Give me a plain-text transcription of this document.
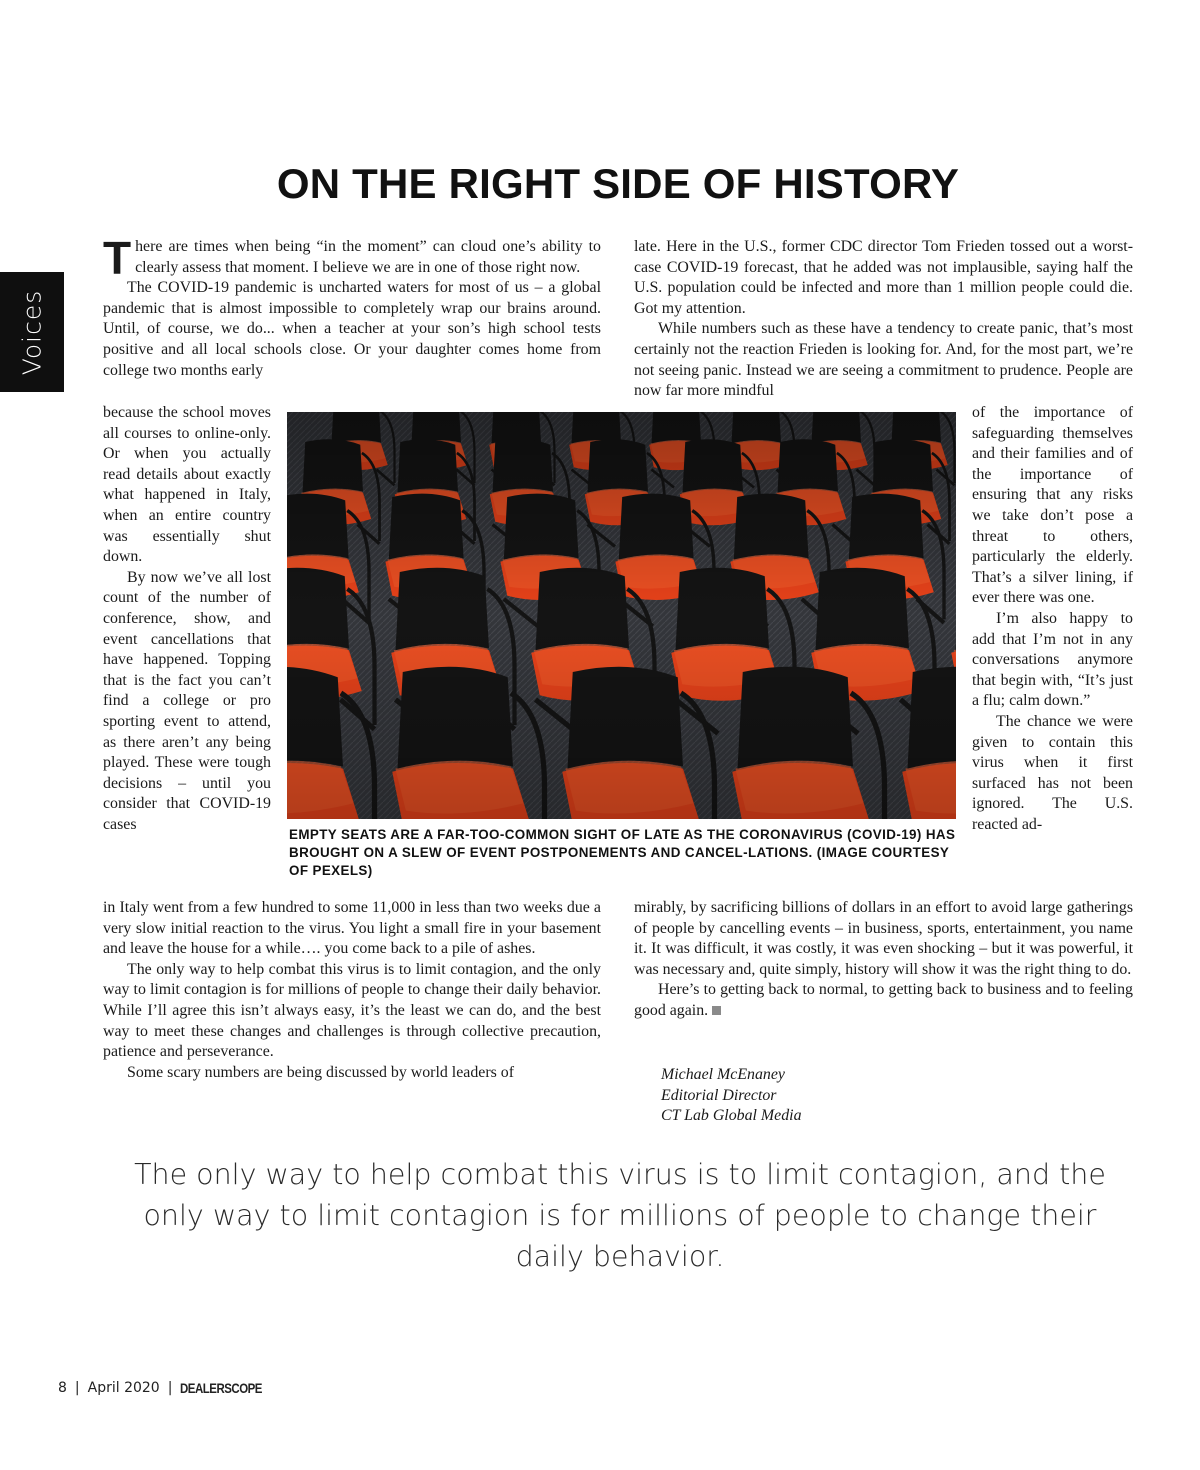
Voices
ON THE RIGHT SIDE OF HISTORY

There are times when being “in the moment” can cloud one’s ability to clearly assess that moment. I believe we are in one of those right now.

The COVID-19 pandemic is uncharted waters for most of us – a global pandemic that is almost impossible to completely wrap our brains around. Until, of course, we do... when a teacher at your son’s high school tests positive and all local schools close. Or your daughter comes home from college two months early

because the school moves all courses to online-only. Or when you actually read details about exactly what happened in Italy, when an entire country was essentially shut down.

By now we’ve all lost count of the number of conference, show, and event cancellations that have happened. Topping that is the fact you can’t find a college or pro sporting event to attend, as there aren’t any being played. These were tough decisions – until you consider that COVID-19 cases

in Italy went from a few hundred to some 11,000 in less than two weeks due a very slow initial reaction to the virus. You light a small fire in your basement and leave the house for a while…. you come back to a pile of ashes.

The only way to help combat this virus is to limit contagion, and the only way to limit contagion is for millions of people to change their daily behavior. While I’ll agree this isn’t always easy, it’s the least we can do, and the best way to meet these changes and challenges is through collective precaution, patience and perseverance.

Some scary numbers are being discussed by world leaders of

late. Here in the U.S., former CDC director Tom Frieden tossed out a worst-case COVID-19 forecast, that he added was not implausible, saying half the U.S. population could be infected and more than 1 million people could die. Got my attention.

While numbers such as these have a tendency to create panic, that’s most certainly not the reaction Frieden is looking for. And, for the most part, we’re not seeing panic. Instead we are seeing a commitment to prudence. People are now far more mindful

of the importance of safeguarding themselves and their families and of the importance of ensuring that any risks we take don’t pose a threat to others, particularly the elderly. That’s a silver lining, if ever there was one.

I’m also happy to add that I’m not in any conversations anymore that begin with, “It’s just a flu; calm down.”

The chance we were given to contain this virus when it first surfaced has not been ignored. The U.S. reacted ad-

mirably, by sacrificing billions of dollars in an effort to avoid large gatherings of people by cancelling events – in business, sports, entertainment, you name it. It was difficult, it was costly, it was even shocking – but it was powerful, it was necessary and, quite simply, history will show it was the right thing to do.

Here’s to getting back to normal, to getting back to business and to feeling good again.

EMPTY SEATS ARE A FAR-TOO-COMMON SIGHT OF LATE AS THE CORONAVIRUS (COVID-19) HAS BROUGHT ON A SLEW OF EVENT POSTPONEMENTS AND CANCEL-LATIONS. (IMAGE COURTESY OF PEXELS)
Michael McEnaney
Editorial Director
CT Lab Global Media
The only way to help combat this virus is to limit contagion, and the only way to limit contagion is for millions of people to change their daily behavior.
8 | April 2020 | DEALERSCOPE
